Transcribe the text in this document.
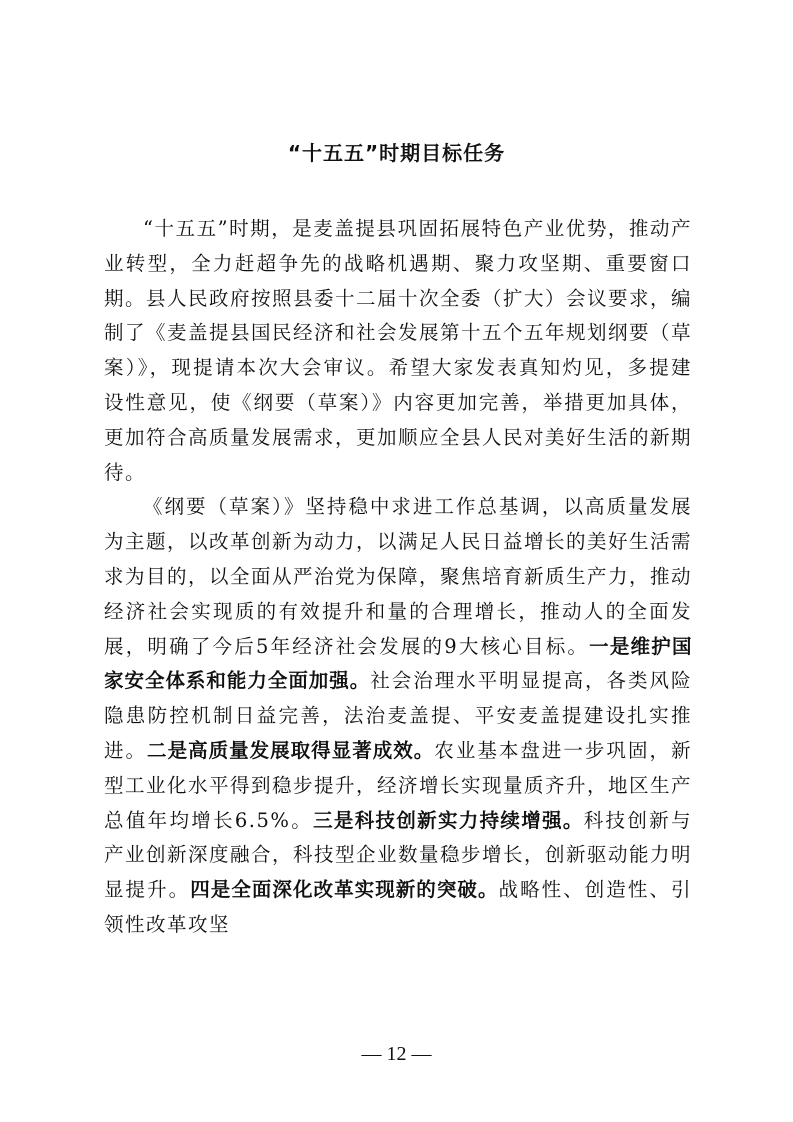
“十五五”时期目标任务

“十五五”时期，是麦盖提县巩固拓展特色产业优势，推动产业转型，全力赶超争先的战略机遇期、聚力攻坚期、重要窗口期。县人民政府按照县委十二届十次全委（扩大）会议要求，编制了《麦盖提县国民经济和社会发展第十五个五年规划纲要（草案）》，现提请本次大会审议。希望大家发表真知灼见，多提建设性意见，使《纲要（草案）》内容更加完善，举措更加具体，更加符合高质量发展需求，更加顺应全县人民对美好生活的新期待。

《纲要（草案）》坚持稳中求进工作总基调，以高质量发展为主题，以改革创新为动力，以满足人民日益增长的美好生活需求为目的，以全面从严治党为保障，聚焦培育新质生产力，推动经济社会实现质的有效提升和量的合理增长，推动人的全面发展，明确了今后5年经济社会发展的9大核心目标。一是维护国家安全体系和能力全面加强。社会治理水平明显提高，各类风险隐患防控机制日益完善，法治麦盖提、平安麦盖提建设扎实推进。二是高质量发展取得显著成效。农业基本盘进一步巩固，新型工业化水平得到稳步提升，经济增长实现量质齐升，地区生产总值年均增长6.5%。三是科技创新实力持续增强。科技创新与产业创新深度融合，科技型企业数量稳步增长，创新驱动能力明显提升。四是全面深化改革实现新的突破。战略性、创造性、引领性改革攻坚

— 12 —
